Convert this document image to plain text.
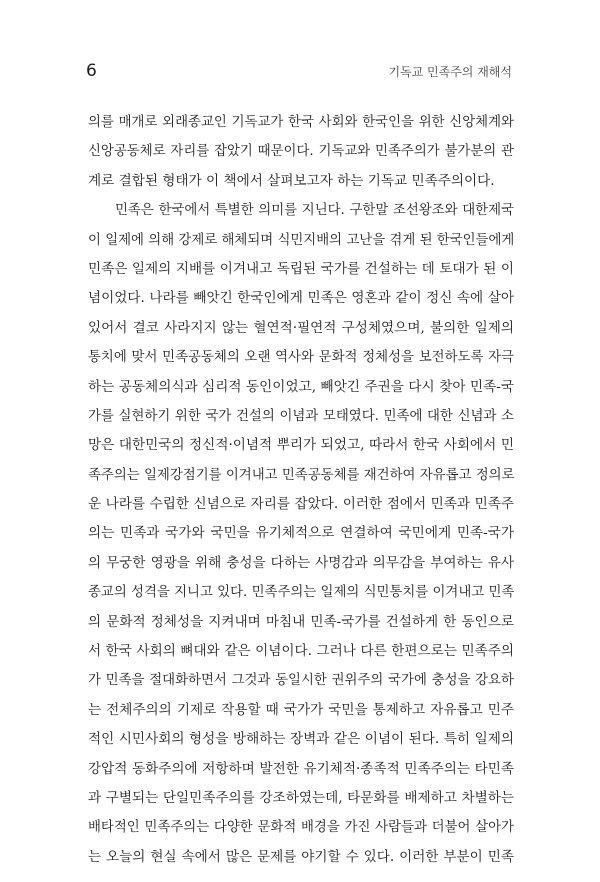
6	기독교 민족주의 재해석
의를 매개로 외래종교인 기독교가 한국 사회와 한국인을 위한 신앙체계와
신앙공동체로 자리를 잡았기 때문이다. 기독교와 민족주의가 불가분의 관
계로 결합된 형태가 이 책에서 살펴보고자 하는 기독교 민족주의이다.
민족은 한국에서 특별한 의미를 지닌다. 구한말 조선왕조와 대한제국
이 일제에 의해 강제로 해체되며 식민지배의 고난을 겪게 된 한국인들에게
민족은 일제의 지배를 이겨내고 독립된 국가를 건설하는 데 토대가 된 이
념이었다. 나라를 빼앗긴 한국인에게 민족은 영혼과 같이 정신 속에 살아
있어서 결코 사라지지 않는 혈연적·필연적 구성체였으며, 불의한 일제의
통치에 맞서 민족공동체의 오랜 역사와 문화적 정체성을 보전하도록 자극
하는 공동체의식과 심리적 동인이었고, 빼앗긴 주권을 다시 찾아 민족-국
가를 실현하기 위한 국가 건설의 이념과 모태였다. 민족에 대한 신념과 소
망은 대한민국의 정신적·이념적 뿌리가 되었고, 따라서 한국 사회에서 민
족주의는 일제강점기를 이겨내고 민족공동체를 재건하여 자유롭고 정의로
운 나라를 수립한 신념으로 자리를 잡았다. 이러한 점에서 민족과 민족주
의는 민족과 국가와 국민을 유기체적으로 연결하여 국민에게 민족-국가
의 무궁한 영광을 위해 충성을 다하는 사명감과 의무감을 부여하는 유사
종교의 성격을 지니고 있다. 민족주의는 일제의 식민통치를 이겨내고 민족
의 문화적 정체성을 지켜내며 마침내 민족-국가를 건설하게 한 동인으로
서 한국 사회의 뼈대와 같은 이념이다. 그러나 다른 한편으로는 민족주의
가 민족을 절대화하면서 그것과 동일시한 권위주의 국가에 충성을 강요하
는 전체주의의 기제로 작용할 때 국가가 국민을 통제하고 자유롭고 민주
적인 시민사회의 형성을 방해하는 장벽과 같은 이념이 된다. 특히 일제의
강압적 동화주의에 저항하며 발전한 유기체적·종족적 민족주의는 타민족
과 구별되는 단일민족주의를 강조하였는데, 타문화를 배제하고 차별하는
배타적인 민족주의는 다양한 문화적 배경을 가진 사람들과 더불어 살아가
는 오늘의 현실 속에서 많은 문제를 야기할 수 있다. 이러한 부분이 민족
